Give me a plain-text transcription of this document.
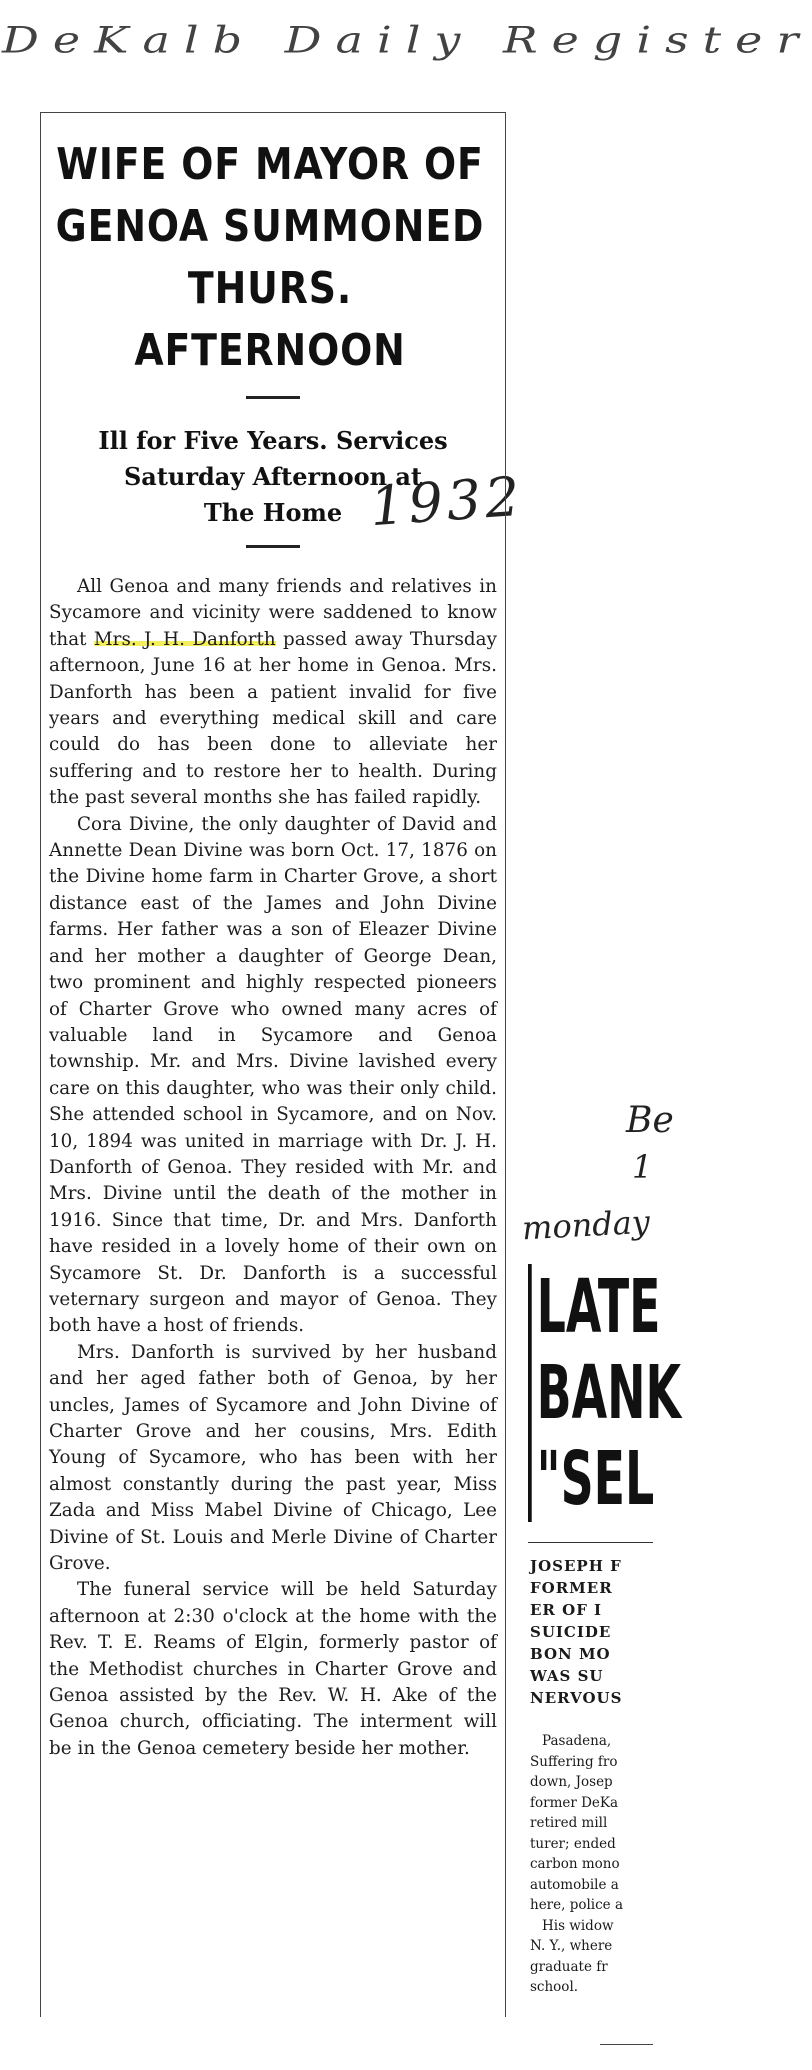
DeKalb Daily Register
1932
Be
1
monday
WIFE OF MAYOR OF
GENOA SUMMONED
THURS. AFTERNOON
Ill for Five Years. Services
Saturday Afternoon at
The Home

All Genoa and many friends and relatives in Sycamore and vicinity were saddened to know that Mrs. J. H. Danforth passed away Thursday afternoon, June 16 at her home in Genoa. Mrs. Danforth has been a patient invalid for five years and everything medical skill and care could do has been done to alleviate her suffering and to restore her to health. During the past several months she has failed rapidly.

Cora Divine, the only daughter of David and Annette Dean Divine was born Oct. 17, 1876 on the Divine home farm in Charter Grove, a short distance east of the James and John Divine farms. Her father was a son of Eleazer Divine and her mother a daughter of George Dean, two prominent and highly respected pioneers of Charter Grove who owned many acres of valuable land in Sycamore and Genoa township. Mr. and Mrs. Divine lavished every care on this daughter, who was their only child. She attended school in Sycamore, and on Nov. 10, 1894 was united in marriage with Dr. J. H. Danforth of Genoa. They resided with Mr. and Mrs. Divine until the death of the mother in 1916. Since that time, Dr. and Mrs. Danforth have resided in a lovely home of their own on Sycamore St. Dr. Danforth is a successful veternary surgeon and mayor of Genoa. They both have a host of friends.

Mrs. Danforth is survived by her husband and her aged father both of Genoa, by her uncles, James of Sycamore and John Divine of Charter Grove and her cousins, Mrs. Edith Young of Sycamore, who has been with her almost constantly during the past year, Miss Zada and Miss Mabel Divine of Chicago, Lee Divine of St. Louis and Merle Divine of Charter Grove.

The funeral service will be held Saturday afternoon at 2:30 o'clock at the home with the Rev. T. E. Reams of Elgin, formerly pastor of the Methodist churches in Charter Grove and Genoa assisted by the Rev. W. H. Ake of the Genoa church, officiating. The interment will be in the Genoa cemetery beside her mother.

LATE
BANK
"SEL
JOSEPH F
FORMER
ER OF I
SUICIDE
BON MO
WAS SU
NERVOUS
Pasadena,
Suffering fro
down, Josep
former DeKa
retired mill
turer; ended
carbon mono
automobile a
here, police a
His widow
N. Y., where
graduate fr
school.
